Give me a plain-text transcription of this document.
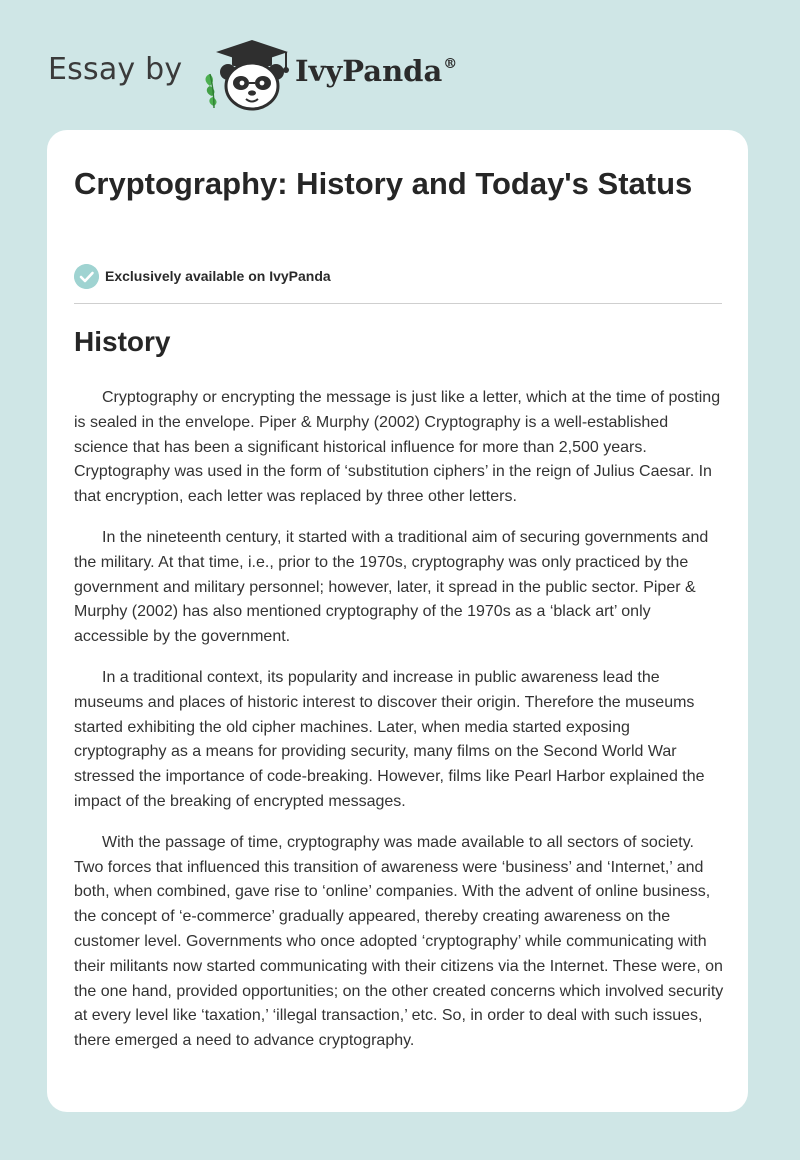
Essay by	IvyPanda®
Cryptography: History and Today's Status
Exclusively available on IvyPanda
History

Cryptography or encrypting the message is just like a letter, which at the time of posting is sealed in the envelope. Piper & Murphy (2002) Cryptography is a well-established science that has been a significant historical influence for more than 2,500 years. Cryptography was used in the form of ‘substitution ciphers’ in the reign of Julius Caesar. In that encryption, each letter was replaced by three other letters.

In the nineteenth century, it started with a traditional aim of securing governments and the military. At that time, i.e., prior to the 1970s, cryptography was only practiced by the government and military personnel; however, later, it spread in the public sector. Piper & Murphy (2002) has also mentioned cryptography of the 1970s as a ‘black art’ only accessible by the government.

In a traditional context, its popularity and increase in public awareness lead the museums and places of historic interest to discover their origin. Therefore the museums started exhibiting the old cipher machines. Later, when media started exposing cryptography as a means for providing security, many films on the Second World War stressed the importance of code-breaking. However, films like Pearl Harbor explained the impact of the breaking of encrypted messages.

With the passage of time, cryptography was made available to all sectors of society. Two forces that influenced this transition of awareness were ‘business’ and ‘Internet,’ and both, when combined, gave rise to ‘online’ companies. With the advent of online business, the concept of ‘e-commerce’ gradually appeared, thereby creating awareness on the customer level. Governments who once adopted ‘cryptography’ while communicating with their militants now started communicating with their citizens via the Internet. These were, on the one hand, provided opportunities; on the other created concerns which involved security at every level like ‘taxation,’ ‘illegal transaction,’ etc. So, in order to deal with such issues, there emerged a need to advance cryptography.
